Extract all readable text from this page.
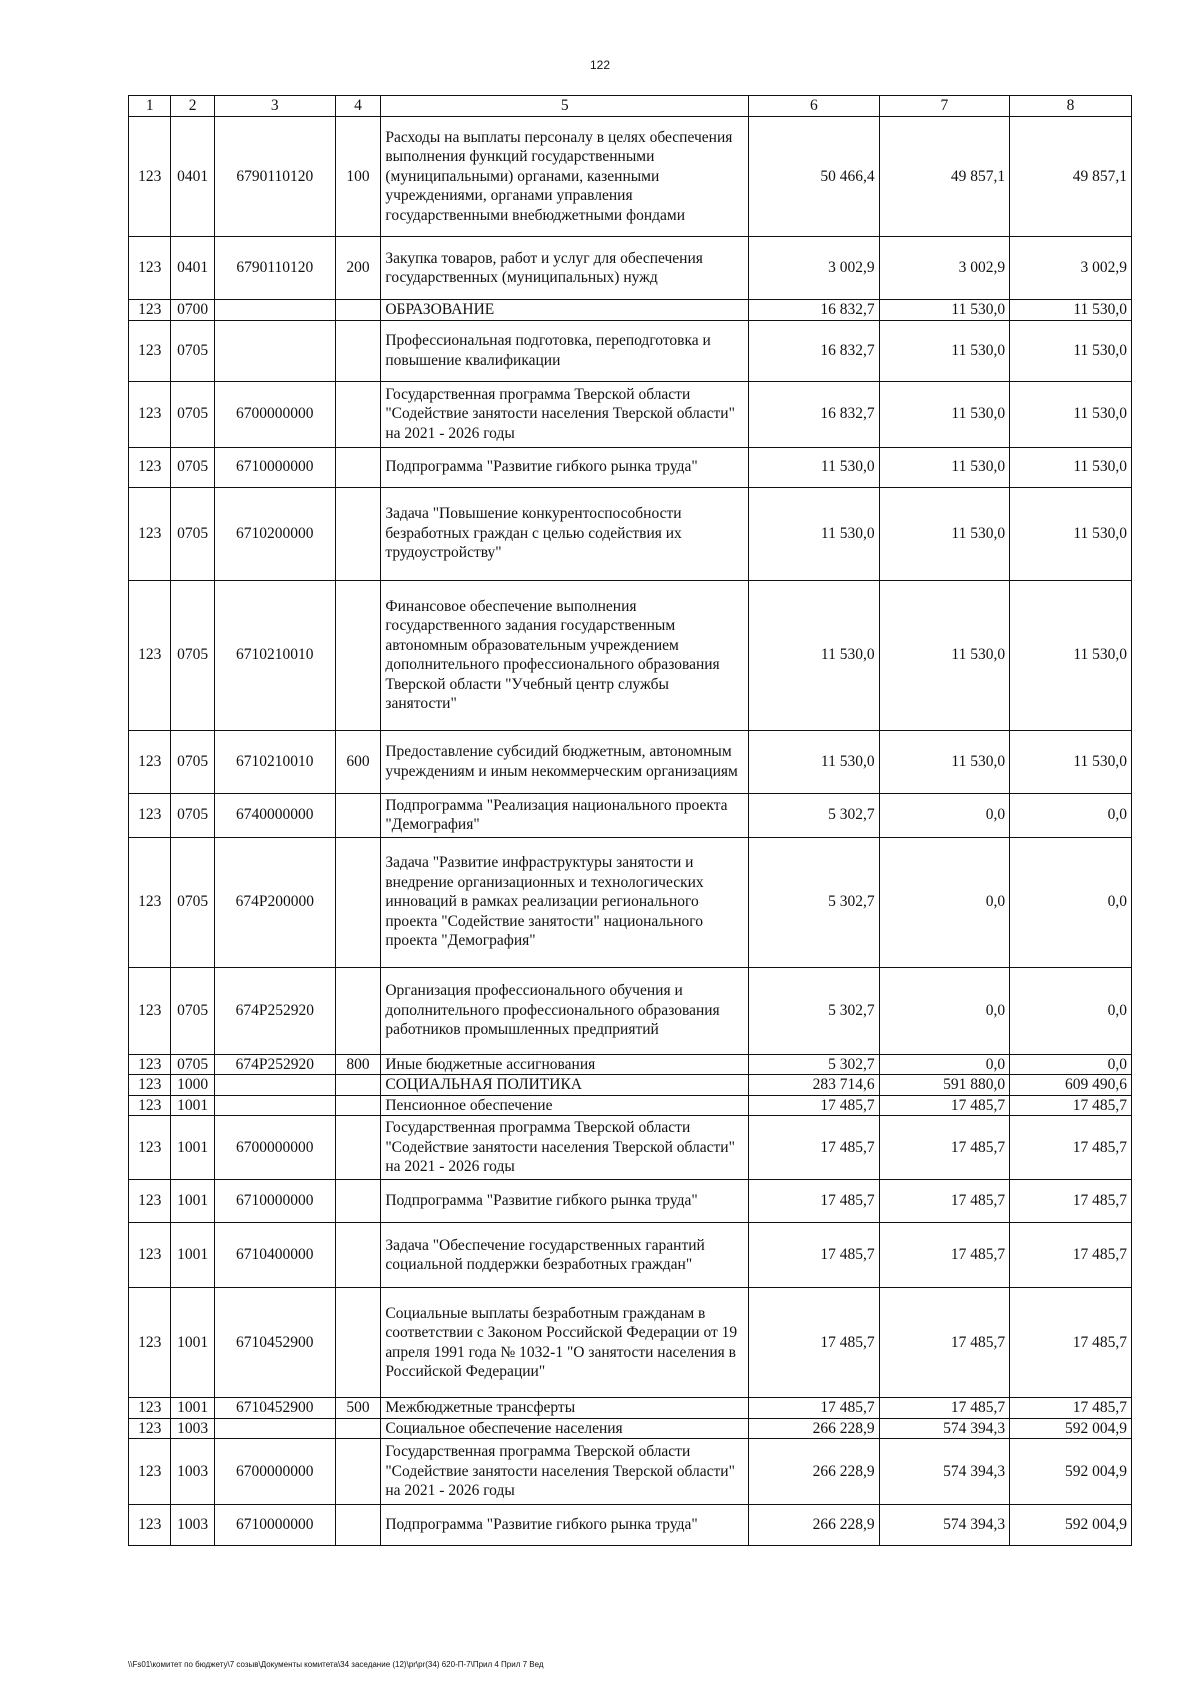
122
1	2	3	4	5	6	7	8
123	0401	6790110120	100	Расходы на выплаты персоналу в целях обеспечения выполнения функций государственными (муниципальными) органами, казенными учреждениями, органами управления государственными внебюджетными фондами	50 466,4	49 857,1	49 857,1
123	0401	6790110120	200	Закупка товаров, работ и услуг для обеспечения государственных (муниципальных) нужд	3 002,9	3 002,9	3 002,9
123	0700			ОБРАЗОВАНИЕ	16 832,7	11 530,0	11 530,0
123	0705			Профессиональная подготовка, переподготовка и повышение квалификации	16 832,7	11 530,0	11 530,0
123	0705	6700000000		Государственная программа Тверской области "Содействие занятости населения Тверской области" на 2021 - 2026 годы	16 832,7	11 530,0	11 530,0
123	0705	6710000000		Подпрограмма "Развитие гибкого рынка труда"	11 530,0	11 530,0	11 530,0
123	0705	6710200000		Задача "Повышение конкурентоспособности безработных граждан с целью содействия их трудоустройству"	11 530,0	11 530,0	11 530,0
123	0705	6710210010		Финансовое обеспечение выполнения государственного задания государственным автономным образовательным учреждением дополнительного профессионального образования Тверской области "Учебный центр службы занятости"	11 530,0	11 530,0	11 530,0
123	0705	6710210010	600	Предоставление субсидий бюджетным, автономным учреждениям и иным некоммерческим организациям	11 530,0	11 530,0	11 530,0
123	0705	6740000000		Подпрограмма "Реализация национального проекта "Демография"	5 302,7	0,0	0,0
123	0705	674P200000		Задача "Развитие инфраструктуры занятости и внедрение организационных и технологических инноваций в рамках реализации регионального проекта "Содействие занятости" национального проекта "Демография"	5 302,7	0,0	0,0
123	0705	674P252920		Организация профессионального обучения и дополнительного профессионального образования работников промышленных предприятий	5 302,7	0,0	0,0
123	0705	674P252920	800	Иные бюджетные ассигнования	5 302,7	0,0	0,0
123	1000			СОЦИАЛЬНАЯ ПОЛИТИКА	283 714,6	591 880,0	609 490,6
123	1001			Пенсионное обеспечение	17 485,7	17 485,7	17 485,7
123	1001	6700000000		Государственная программа Тверской области "Содействие занятости населения Тверской области" на 2021 - 2026 годы	17 485,7	17 485,7	17 485,7
123	1001	6710000000		Подпрограмма "Развитие гибкого рынка труда"	17 485,7	17 485,7	17 485,7
123	1001	6710400000		Задача "Обеспечение государственных гарантий социальной поддержки безработных граждан"	17 485,7	17 485,7	17 485,7
123	1001	6710452900		Социальные выплаты безработным гражданам в соответствии с Законом Российской Федерации от 19 апреля 1991 года № 1032-1 "О занятости населения в Российской Федерации"	17 485,7	17 485,7	17 485,7
123	1001	6710452900	500	Межбюджетные трансферты	17 485,7	17 485,7	17 485,7
123	1003			Социальное обеспечение населения	266 228,9	574 394,3	592 004,9
123	1003	6700000000		Государственная программа Тверской области "Содействие занятости населения Тверской области" на 2021 - 2026 годы	266 228,9	574 394,3	592 004,9
123	1003	6710000000		Подпрограмма "Развитие гибкого рынка труда"	266 228,9	574 394,3	592 004,9
\\Fs01\комитет по бюджету\7 созыв\Документы комитета\34 заседание (12)\pr\pr(34) 620-П-7\Прил 4 Прил 7 Вед
